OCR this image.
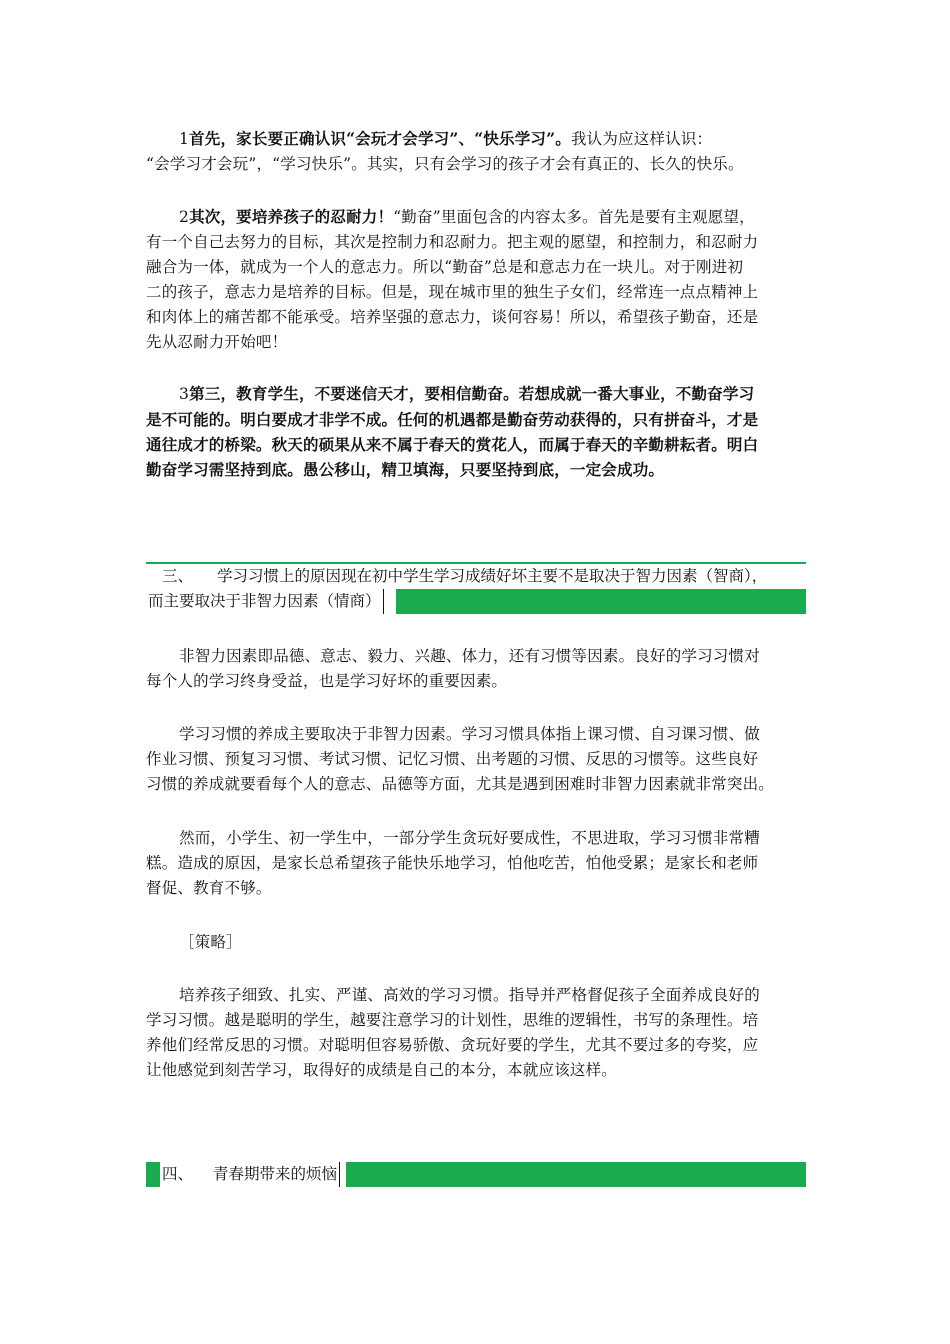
1首先，家长要正确认识“会玩才会学习”、“快乐学习”。我认为应这样认识：
“会学习才会玩”，“学习快乐”。其实，只有会学习的孩子才会有真正的、长久的快乐。
2其次，要培养孩子的忍耐力！“勤奋”里面包含的内容太多。首先是要有主观愿望，
有一个自己去努力的目标，其次是控制力和忍耐力。把主观的愿望，和控制力，和忍耐力
融合为一体，就成为一个人的意志力。所以“勤奋”总是和意志力在一块儿。对于刚进初
二的孩子，意志力是培养的目标。但是，现在城市里的独生子女们，经常连一点点精神上
和肉体上的痛苦都不能承受。培养坚强的意志力，谈何容易！所以，希望孩子勤奋，还是
先从忍耐力开始吧！
3第三，教育学生，不要迷信天才，要相信勤奋。若想成就一番大事业，不勤奋学习
是不可能的。明白要成才非学不成。任何的机遇都是勤奋劳动获得的，只有拼奋斗，才是
通往成才的桥梁。秋天的硕果从来不属于春天的赏花人，而属于春天的辛勤耕耘者。明白
勤奋学习需坚持到底。愚公移山，精卫填海，只要坚持到底，一定会成功。
三、 学习习惯上的原因现在初中学生学习成绩好坏主要不是取决于智力因素（智商），
而主要取决于非智力因素（情商）
非智力因素即品德、意志、毅力、兴趣、体力，还有习惯等因素。良好的学习习惯对
每个人的学习终身受益，也是学习好坏的重要因素。
学习习惯的养成主要取决于非智力因素。学习习惯具体指上课习惯、自习课习惯、做
作业习惯、预复习习惯、考试习惯、记忆习惯、出考题的习惯、反思的习惯等。这些良好
习惯的养成就要看每个人的意志、品德等方面，尤其是遇到困难时非智力因素就非常突出。
然而，小学生、初一学生中，一部分学生贪玩好要成性，不思进取，学习习惯非常糟
糕。造成的原因，是家长总希望孩子能快乐地学习，怕他吃苦，怕他受累；是家长和老师
督促、教育不够。
［策略］
培养孩子细致、扎实、严谨、高效的学习习惯。指导并严格督促孩子全面养成良好的
学习习惯。越是聪明的学生，越要注意学习的计划性，思维的逻辑性，书写的条理性。培
养他们经常反思的习惯。对聪明但容易骄傲、贪玩好要的学生，尤其不要过多的夸奖，应
让他感觉到刻苦学习，取得好的成绩是自己的本分，本就应该这样。
四、 青春期带来的烦恼
